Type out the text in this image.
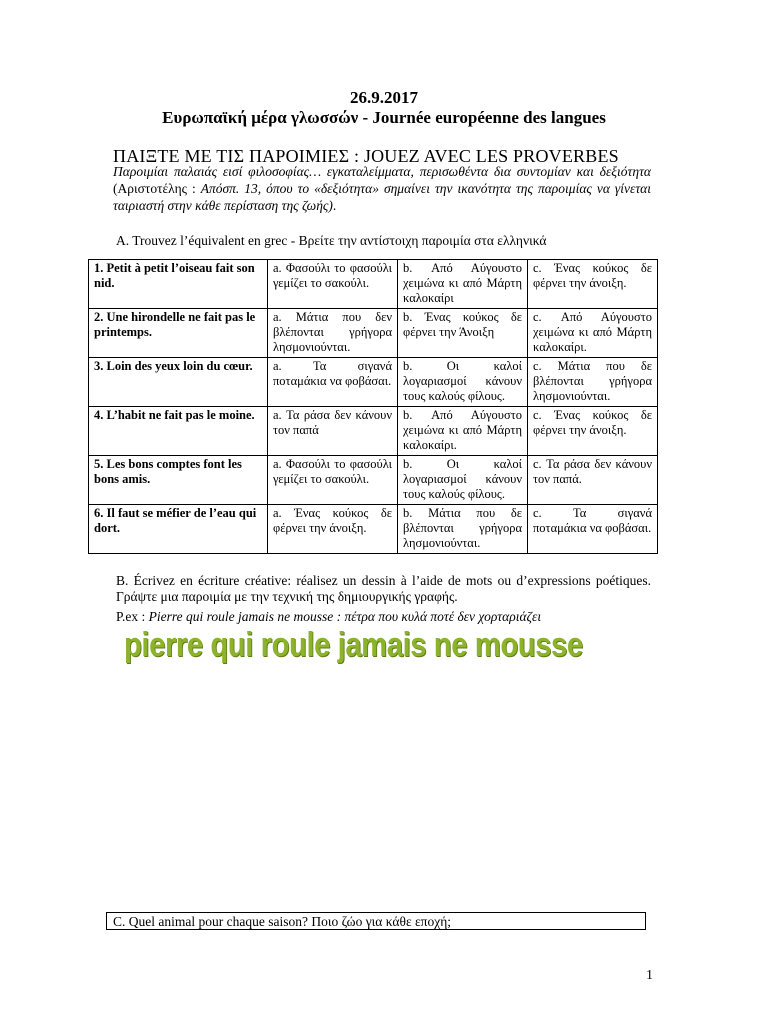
26.9.2017
Ευρωπαϊκή μέρα γλωσσών - Journée européenne des langues
ΠΑΙΞΤΕ ΜΕ ΤΙΣ ΠΑΡΟΙΜΙΕΣ : JOUEZ AVEC LES PROVERBES
Παροιμίαι παλαιάς εισί φιλοσοφίας… εγκαταλείμματα, περισωθέντα δια συντομίαν και δεξιότητα (Αριστοτέλης : Απόσπ. 13, όπου το «δεξιότητα» σημαίνει την ικανότητα της παροιμίας να γίνεται ταιριαστή στην κάθε περίσταση της ζωής).
A. Trouvez l’équivalent en grec - Βρείτε την αντίστοιχη παροιμία στα ελληνικά
1. Petit à petit l’oiseau fait son nid.	a. Φασούλι το φασούλι γεμίζει το σακούλι.	b. Από Αύγουστο χειμώνα κι από Μάρτη καλοκαίρι	c. Ένας κούκος δε φέρνει την άνοιξη.
2. Une hirondelle ne fait pas le printemps.	a. Μάτια που δεν βλέπονται γρήγορα λησμονιούνται.	b. Ένας κούκος δε φέρνει την Άνοιξη	c. Από Αύγουστο χειμώνα κι από Μάρτη καλοκαίρι.
3. Loin des yeux loin du cœur.	a. Τα σιγανά ποταμάκια να φοβάσαι.	b. Οι καλοί λογαριασμοί κάνουν τους καλούς φίλους.	c. Μάτια που δε βλέπονται γρήγορα λησμονιούνται.
4. L’habit ne fait pas le moine.	a. Τα ράσα δεν κάνουν τον παπά	b. Από Αύγουστο χειμώνα κι από Μάρτη καλοκαίρι.	c. Ένας κούκος δε φέρνει την άνοιξη.
5. Les bons comptes font les bons amis.	a. Φασούλι το φασούλι γεμίζει το σακούλι.	b. Οι καλοί λογαριασμοί κάνουν τους καλούς φίλους.	c. Τα ράσα δεν κάνουν τον παπά.
6. Il faut se méfier de l’eau qui dort.	a. Ένας κούκος δε φέρνει την άνοιξη.	b. Μάτια που δε βλέπονται γρήγορα λησμονιούνται.	c. Τα σιγανά ποταμάκια να φοβάσαι.
B. Écrivez en écriture créative: réalisez un dessin à l’aide de mots ou d’expressions poétiques. Γράψτε μια παροιμία με την τεχνική της δημιουργικής γραφής.
P.ex : Pierre qui roule jamais ne mousse : πέτρα που κυλά ποτέ δεν χορταριάζει
pierre qui roule jamais ne mousse
C. Quel animal pour chaque saison? Ποιο ζώο για κάθε εποχή;
1
